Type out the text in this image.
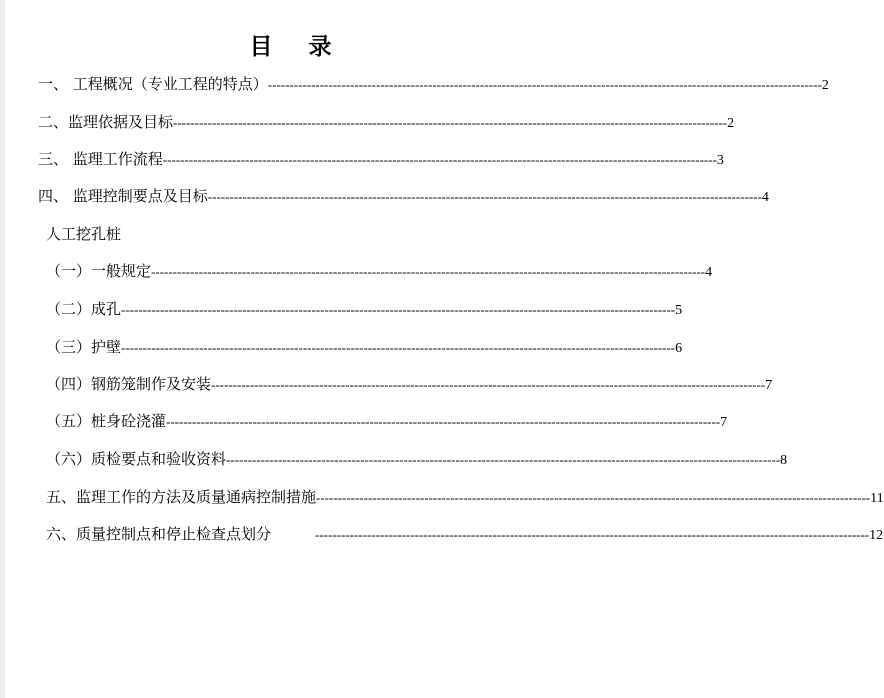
目 录
一、 工程概况（专业工程的特点） -------------------------------------------------------------------------------------------------------------------------------- 2
二、监理依据及目标 -------------------------------------------------------------------------------------------------------------------------------- 2
三、 监理工作流程 -------------------------------------------------------------------------------------------------------------------------------- 3
四、 监理控制要点及目标 -------------------------------------------------------------------------------------------------------------------------------- 4
人工挖孔桩
（一）一般规定 -------------------------------------------------------------------------------------------------------------------------------- 4
（二）成孔 -------------------------------------------------------------------------------------------------------------------------------- 5
（三）护壁 -------------------------------------------------------------------------------------------------------------------------------- 6
（四）钢筋笼制作及安装 -------------------------------------------------------------------------------------------------------------------------------- 7
（五）桩身砼浇灌 -------------------------------------------------------------------------------------------------------------------------------- 7
（六）质检要点和验收资料 -------------------------------------------------------------------------------------------------------------------------------- 8
五、监理工作的方法及质量通病控制措施 -------------------------------------------------------------------------------------------------------------------------------- 11
六、质量控制点和停止检查点划分	-------------------------------------------------------------------------------------------------------------------------------- 12
